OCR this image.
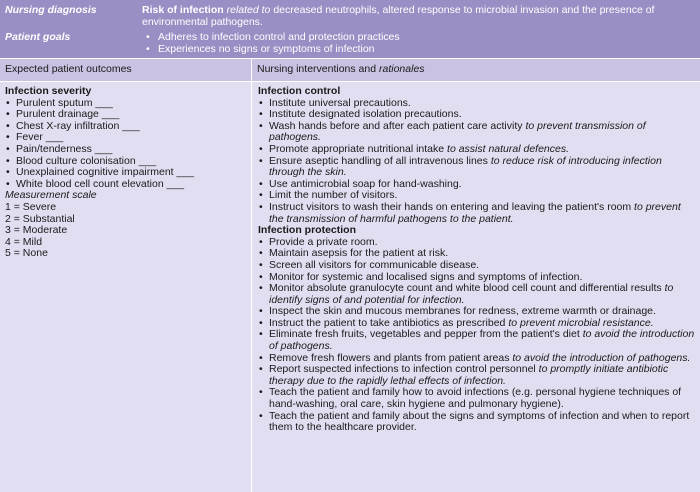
Nursing diagnosis	Risk of infection related to decreased neutrophils, altered response to microbial invasion and the presence of environmental pathogens.
Patient goals
•	Adheres to infection control and protection practices
• Experiences no signs or symptoms of infection
Expected patient outcomes	Nursing interventions and rationales
Infection severity
• Purulent sputum ___
• Purulent drainage ___
• Chest X-ray infiltration ___
• Fever ___
• Pain/tenderness ___
• Blood culture colonisation ___
• Unexplained cognitive impairment ___
• White blood cell count elevation ___
Measurement scale
1 = Severe
2 = Substantial
3 = Moderate
4 = Mild
5 = None
Infection control
• Institute universal precautions.
• Institute designated isolation precautions.
• Wash hands before and after each patient care activity to prevent transmission of pathogens.
• Promote appropriate nutritional intake to assist natural defences.
• Ensure aseptic handling of all intravenous lines to reduce risk of introducing infection through the skin.
• Use antimicrobial soap for hand-washing.
• Limit the number of visitors.
• Instruct visitors to wash their hands on entering and leaving the patient's room to prevent the transmission of harmful pathogens to the patient.
Infection protection
• Provide a private room.
• Maintain asepsis for the patient at risk.
• Screen all visitors for communicable disease.
• Monitor for systemic and localised signs and symptoms of infection.
• Monitor absolute granulocyte count and white blood cell count and differential results to identify signs of and potential for infection.
• Inspect the skin and mucous membranes for redness, extreme warmth or drainage.
• Instruct the patient to take antibiotics as prescribed to prevent microbial resistance.
• Eliminate fresh fruits, vegetables and pepper from the patient's diet to avoid the introduction of pathogens.
• Remove fresh flowers and plants from patient areas to avoid the introduction of pathogens.
• Report suspected infections to infection control personnel to promptly initiate antibiotic therapy due to the rapidly lethal effects of infection.
• Teach the patient and family how to avoid infections (e.g. personal hygiene techniques of hand-washing, oral care, skin hygiene and pulmonary hygiene).
• Teach the patient and family about the signs and symptoms of infection and when to report them to the healthcare provider.
